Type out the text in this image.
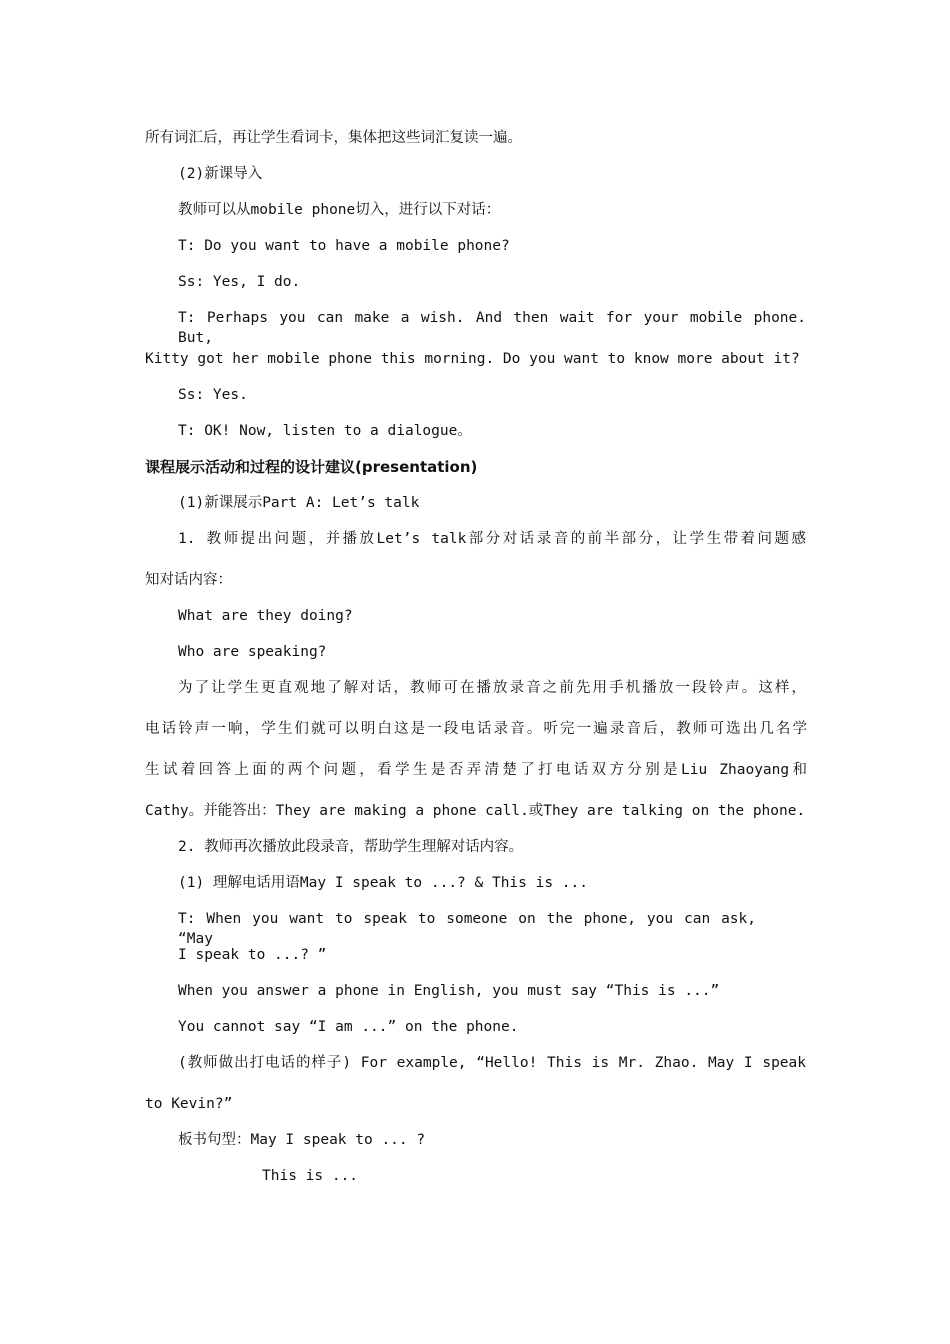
所有词汇后，再让学生看词卡，集体把这些词汇复读一遍。
(2)新课导入
教师可以从mobile phone切入，进行以下对话：
T: Do you want to have a mobile phone?
Ss: Yes, I do.
T: Perhaps you can make a wish. And then wait for your mobile phone. But,
Kitty got her mobile phone this morning. Do you want to know more about it?
Ss: Yes.
T: OK! Now, listen to a dialogue。
课程展示活动和过程的设计建议(presentation)
(1)新课展示Part A: Let’s talk
1. 教师提出问题，并播放Let’s talk部分对话录音的前半部分，让学生带着问题感
知对话内容：
What are they doing?
Who are speaking?
为了让学生更直观地了解对话，教师可在播放录音之前先用手机播放一段铃声。这样，
电话铃声一响，学生们就可以明白这是一段电话录音。听完一遍录音后，教师可选出几名学
生试着回答上面的两个问题，看学生是否弄清楚了打电话双方分别是Liu Zhaoyang和
Cathy。并能答出：They are making a phone call.或They are talking on the phone.
2. 教师再次播放此段录音，帮助学生理解对话内容。
(1) 理解电话用语May I speak to ...? & This is ...
T: When you want to speak to someone on the phone, you can ask, “May
I speak to ...? ”
When you answer a phone in English, you must say “This is ...”
You cannot say “I am ...” on the phone.
(教师做出打电话的样子) For example, “Hello! This is Mr. Zhao. May I speak
to Kevin?”
板书句型：May I speak to ... ?
This is ...
